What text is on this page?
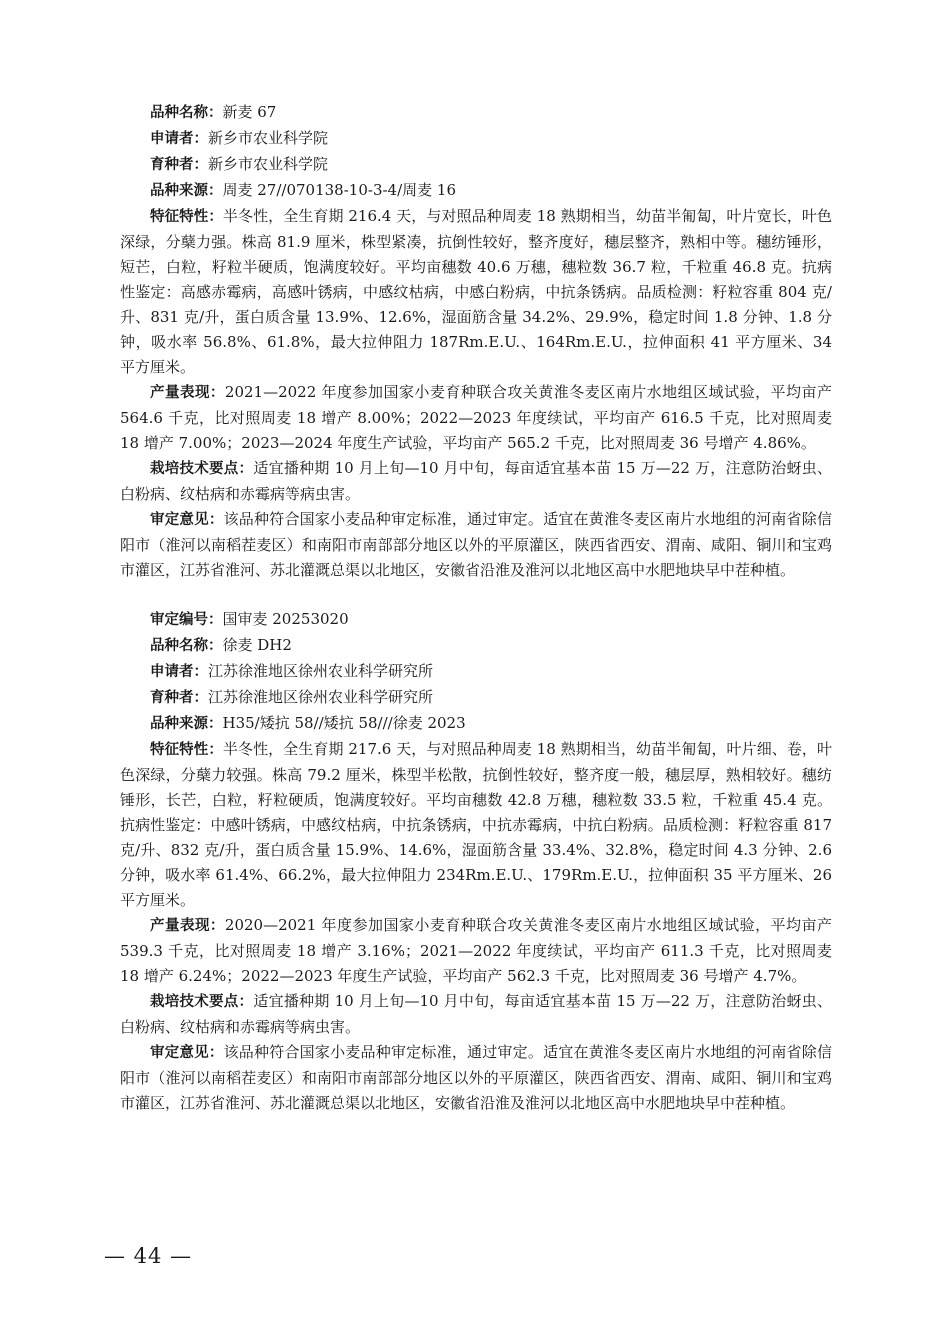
品种名称：新麦 67

申请者：新乡市农业科学院

育种者：新乡市农业科学院

品种来源：周麦 27//070138-10-3-4/周麦 16

特征特性：半冬性，全生育期 216.4 天，与对照品种周麦 18 熟期相当，幼苗半匍匐，叶片宽长，叶色深绿，分蘖力强。株高 81.9 厘米，株型紧凑，抗倒性较好，整齐度好，穗层整齐，熟相中等。穗纺锤形，短芒，白粒，籽粒半硬质，饱满度较好。平均亩穗数 40.6 万穗，穗粒数 36.7 粒，千粒重 46.8 克。抗病性鉴定：高感赤霉病，高感叶锈病，中感纹枯病，中感白粉病，中抗条锈病。品质检测：籽粒容重 804 克/升、831 克/升，蛋白质含量 13.9%、12.6%，湿面筋含量 34.2%、29.9%，稳定时间 1.8 分钟、1.8 分钟，吸水率 56.8%、61.8%，最大拉伸阻力 187Rm.E.U.、164Rm.E.U.，拉伸面积 41 平方厘米、34 平方厘米。

产量表现：2021—2022 年度参加国家小麦育种联合攻关黄淮冬麦区南片水地组区域试验，平均亩产 564.6 千克，比对照周麦 18 增产 8.00%；2022—2023 年度续试，平均亩产 616.5 千克，比对照周麦 18 增产 7.00%；2023—2024 年度生产试验，平均亩产 565.2 千克，比对照周麦 36 号增产 4.86%。

栽培技术要点：适宜播种期 10 月上旬—10 月中旬，每亩适宜基本苗 15 万—22 万，注意防治蚜虫、白粉病、纹枯病和赤霉病等病虫害。

审定意见：该品种符合国家小麦品种审定标准，通过审定。适宜在黄淮冬麦区南片水地组的河南省除信阳市（淮河以南稻茬麦区）和南阳市南部部分地区以外的平原灌区，陕西省西安、渭南、咸阳、铜川和宝鸡市灌区，江苏省淮河、苏北灌溉总渠以北地区，安徽省沿淮及淮河以北地区高中水肥地块早中茬种植。

审定编号：国审麦 20253020

品种名称：徐麦 DH2

申请者：江苏徐淮地区徐州农业科学研究所

育种者：江苏徐淮地区徐州农业科学研究所

品种来源：H35/矮抗 58//矮抗 58///徐麦 2023

特征特性：半冬性，全生育期 217.6 天，与对照品种周麦 18 熟期相当，幼苗半匍匐，叶片细、卷，叶色深绿，分蘖力较强。株高 79.2 厘米，株型半松散，抗倒性较好，整齐度一般，穗层厚，熟相较好。穗纺锤形，长芒，白粒，籽粒硬质，饱满度较好。平均亩穗数 42.8 万穗，穗粒数 33.5 粒，千粒重 45.4 克。抗病性鉴定：中感叶锈病，中感纹枯病，中抗条锈病，中抗赤霉病，中抗白粉病。品质检测：籽粒容重 817 克/升、832 克/升，蛋白质含量 15.9%、14.6%，湿面筋含量 33.4%、32.8%，稳定时间 4.3 分钟、2.6 分钟，吸水率 61.4%、66.2%，最大拉伸阻力 234Rm.E.U.、179Rm.E.U.，拉伸面积 35 平方厘米、26 平方厘米。

产量表现：2020—2021 年度参加国家小麦育种联合攻关黄淮冬麦区南片水地组区域试验，平均亩产 539.3 千克，比对照周麦 18 增产 3.16%；2021—2022 年度续试，平均亩产 611.3 千克，比对照周麦 18 增产 6.24%；2022—2023 年度生产试验，平均亩产 562.3 千克，比对照周麦 36 号增产 4.7%。

栽培技术要点：适宜播种期 10 月上旬—10 月中旬，每亩适宜基本苗 15 万—22 万，注意防治蚜虫、白粉病、纹枯病和赤霉病等病虫害。

审定意见：该品种符合国家小麦品种审定标准，通过审定。适宜在黄淮冬麦区南片水地组的河南省除信阳市（淮河以南稻茬麦区）和南阳市南部部分地区以外的平原灌区，陕西省西安、渭南、咸阳、铜川和宝鸡市灌区，江苏省淮河、苏北灌溉总渠以北地区，安徽省沿淮及淮河以北地区高中水肥地块早中茬种植。

— 44 —
